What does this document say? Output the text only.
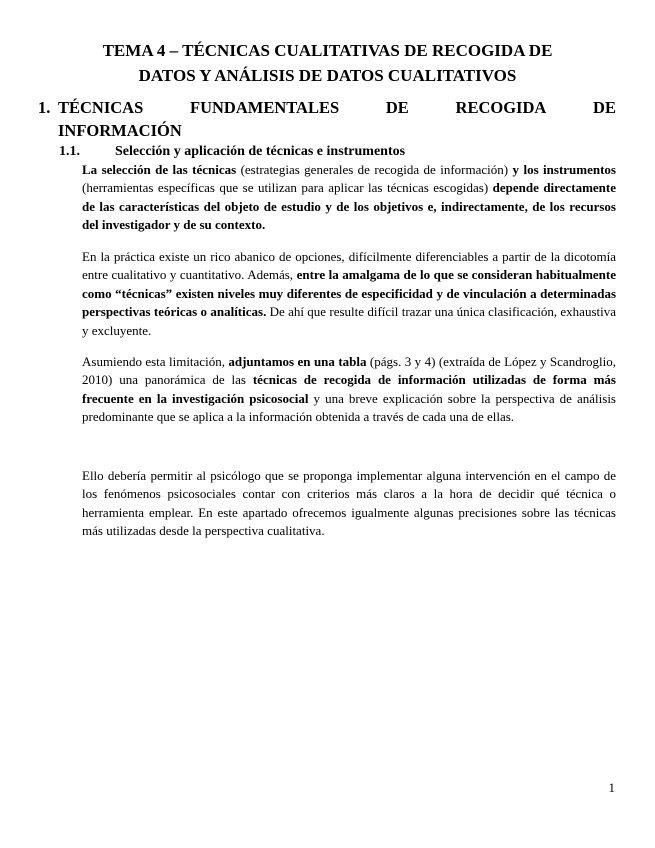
TEMA 4 – TÉCNICAS CUALITATIVAS DE RECOGIDA DE
DATOS Y ANÁLISIS DE DATOS CUALITATIVOS
1. TÉCNICAS	FUNDAMENTALES	DE	RECOGIDA	DE
INFORMACIÓN
1.1.	Selección y aplicación de técnicas e instrumentos

La selección de las técnicas (estrategias generales de recogida de información) y los instrumentos (herramientas específicas que se utilizan para aplicar las técnicas escogidas) depende directamente de las características del objeto de estudio y de los objetivos e, indirectamente, de los recursos del investigador y de su contexto.

En la práctica existe un rico abanico de opciones, difícilmente diferenciables a partir de la dicotomía entre cualitativo y cuantitativo. Además, entre la amalgama de lo que se consideran habitualmente como “técnicas” existen niveles muy diferentes de especificidad y de vinculación a determinadas perspectivas teóricas o analíticas. De ahí que resulte difícil trazar una única clasificación, exhaustiva y excluyente.

Asumiendo esta limitación, adjuntamos en una tabla (págs. 3 y 4) (extraída de López y Scandroglio, 2010) una panorámica de las técnicas de recogida de información utilizadas de forma más frecuente en la investigación psicosocial y una breve explicación sobre la perspectiva de análisis predominante que se aplica a la información obtenida a través de cada una de ellas.

Ello debería permitir al psicólogo que se proponga implementar alguna intervención en el campo de los fenómenos psicosociales contar con criterios más claros a la hora de decidir qué técnica o herramienta emplear. En este apartado ofrecemos igualmente algunas precisiones sobre las técnicas más utilizadas desde la perspectiva cualitativa.

1
